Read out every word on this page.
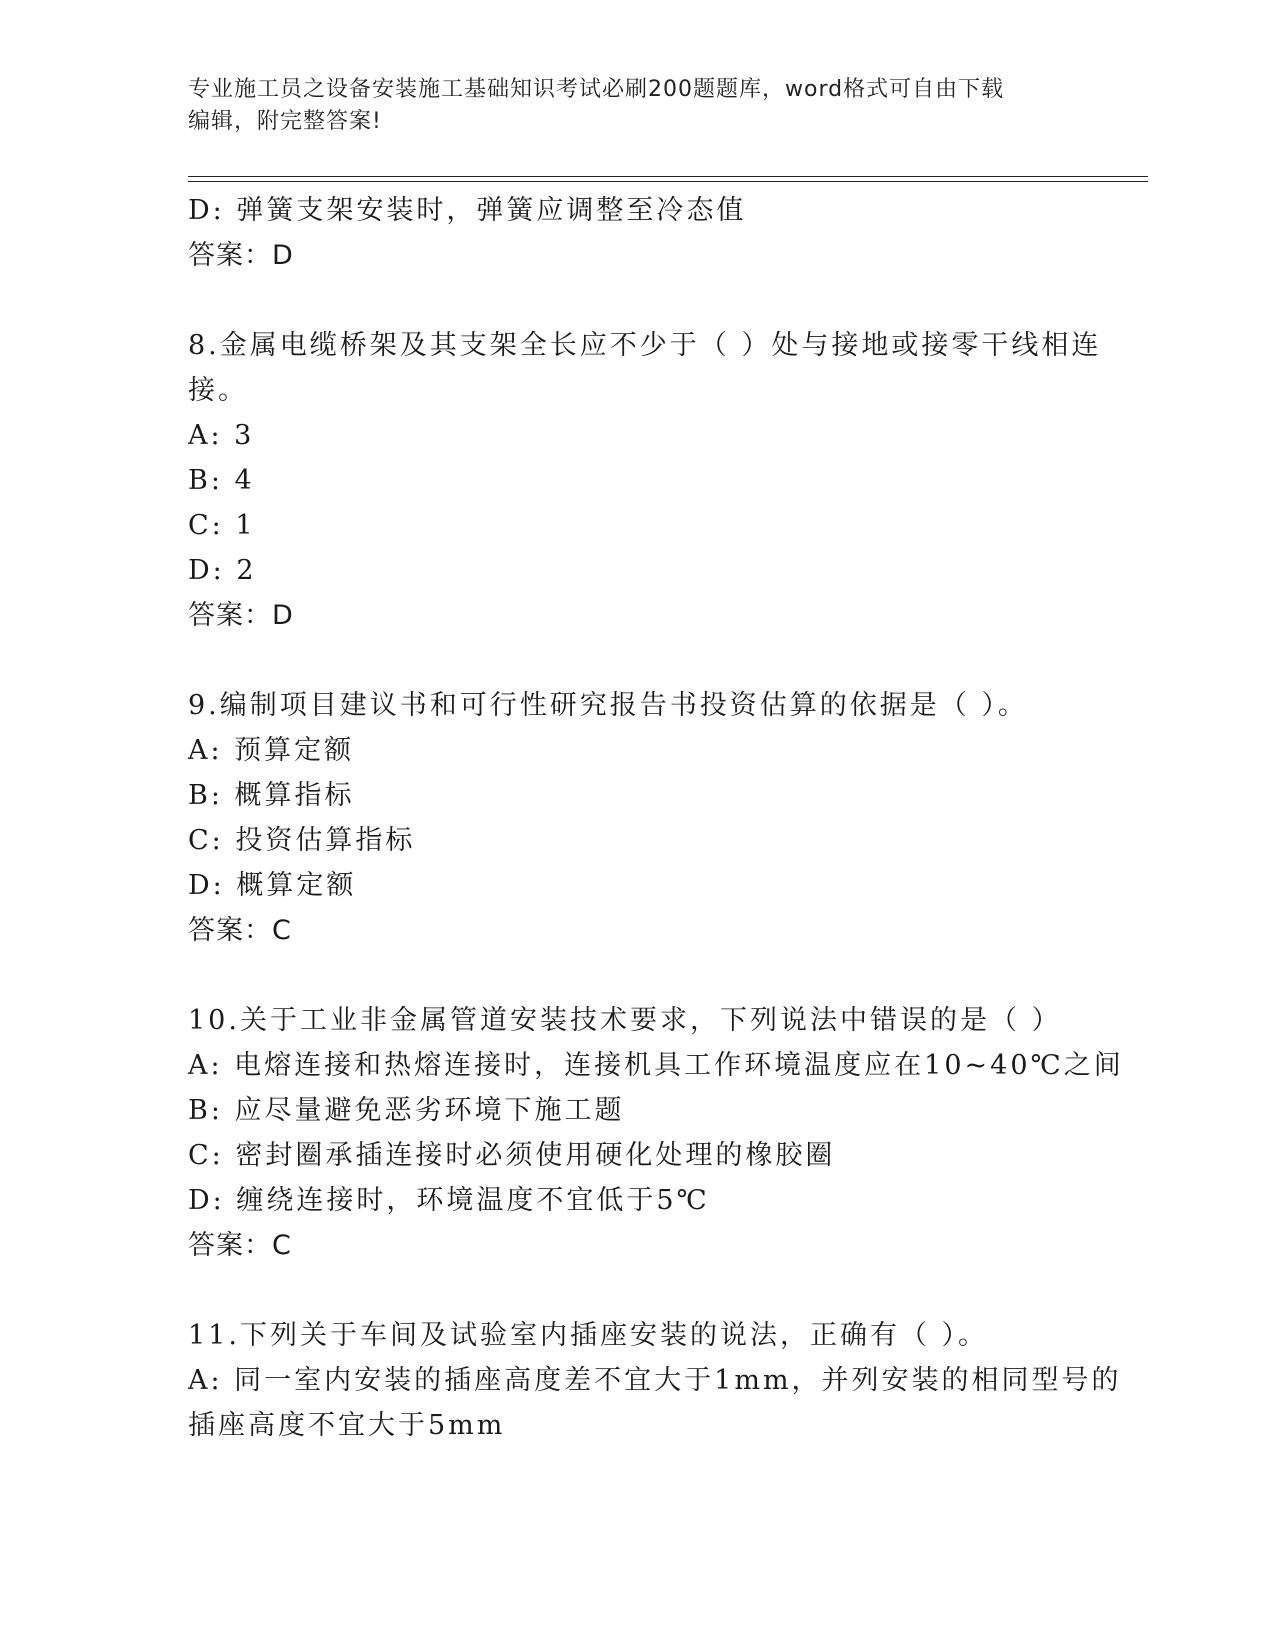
专业施工员之设备安装施工基础知识考试必刷200题题库，word格式可自由下载
编辑，附完整答案!
D: 弹簧支架安装时，弹簧应调整至冷态值
答案：D
8.金属电缆桥架及其支架全长应不少于（ ）处与接地或接零干线相连
接。
A: 3
B: 4
C: 1
D: 2
答案：D
9.编制项目建议书和可行性研究报告书投资估算的依据是（ ）。
A: 预算定额
B: 概算指标
C: 投资估算指标
D: 概算定额
答案：C
10.关于工业非金属管道安装技术要求，下列说法中错误的是（ ）
A: 电熔连接和热熔连接时，连接机具工作环境温度应在10~40℃之间
B: 应尽量避免恶劣环境下施工题
C: 密封圈承插连接时必须使用硬化处理的橡胶圈
D: 缠绕连接时，环境温度不宜低于5℃
答案：C
11.下列关于车间及试验室内插座安装的说法，正确有（ ）。
A: 同一室内安装的插座高度差不宜大于1mm，并列安装的相同型号的
插座高度不宜大于5mm
